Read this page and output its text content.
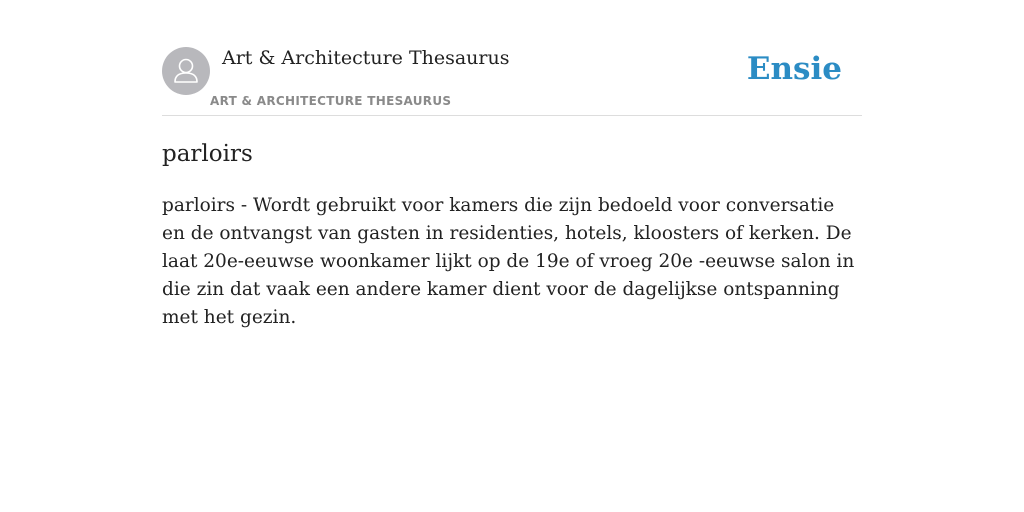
Art & Architecture Thesaurus
ART & ARCHITECTURE THESAURUS
Ensie
parloirs

parloirs - Wordt gebruikt voor kamers die zijn bedoeld voor conversatie en de ontvangst van gasten in residenties, hotels, kloosters of kerken. De laat 20e-eeuwse woonkamer lijkt op de 19e of vroeg 20e -eeuwse salon in die zin dat vaak een andere kamer dient voor de dagelijkse ontspanning met het gezin.
